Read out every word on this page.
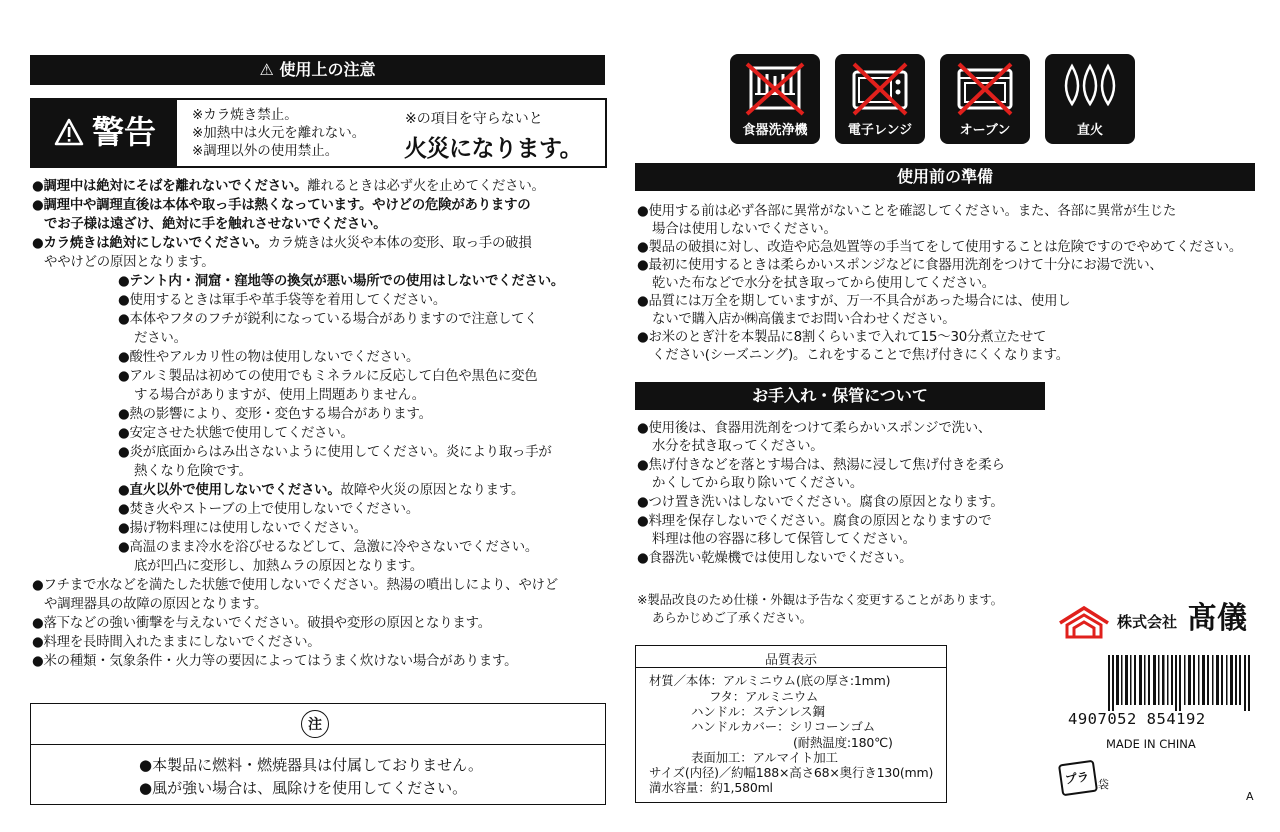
⚠ 使用上の注意
警告	※カラ焼き禁止。
※加熱中は火元を離れない。
※調理以外の使用禁止。
※の項目を守らないと
火災になります。
●調理中は絶対にそばを離れないでください。離れるときは必ず火を止めてください。
●調理中や調理直後は本体や取っ手は熱くなっています。やけどの危険がありますの
でお子様は遠ざけ、絶対に手を触れさせないでください。
●カラ焼きは絶対にしないでください。カラ焼きは火災や本体の変形、取っ手の破損
ややけどの原因となります。
●テント内・洞窟・窪地等の換気が悪い場所での使用はしないでください。
●使用するときは軍手や革手袋等を着用してください。
●本体やフタのフチが鋭利になっている場合がありますので注意してく
ださい。
●酸性やアルカリ性の物は使用しないでください。
●アルミ製品は初めての使用でもミネラルに反応して白色や黒色に変色
する場合がありますが、使用上問題ありません。
●熱の影響により、変形・変色する場合があります。
●安定させた状態で使用してください。
●炎が底面からはみ出さないように使用してください。炎により取っ手が
熱くなり危険です。
●直火以外で使用しないでください。故障や火災の原因となります。
●焚き火やストーブの上で使用しないでください。
●揚げ物料理には使用しないでください。
●高温のまま冷水を浴びせるなどして、急激に冷やさないでください。
底が凹凸に変形し、加熱ムラの原因となります。
●フチまで水などを満たした状態で使用しないでください。熱湯の噴出しにより、やけど
や調理器具の故障の原因となります。
●落下などの強い衝撃を与えないでください。破損や変形の原因となります。
●料理を長時間入れたままにしないでください。
●米の種類・気象条件・火力等の要因によってはうまく炊けない場合があります。
注
●本製品に燃料・燃焼器具は付属しておりません。
●風が強い場合は、風除けを使用してください。
食器洗浄機	電子レンジ	オーブン	直火
使用前の準備
●使用する前は必ず各部に異常がないことを確認してください。また、各部に異常が生じた
場合は使用しないでください。
●製品の破損に対し、改造や応急処置等の手当てをして使用することは危険ですのでやめてください。
●最初に使用するときは柔らかいスポンジなどに食器用洗剤をつけて十分にお湯で洗い、
乾いた布などで水分を拭き取ってから使用してください。
●品質には万全を期していますが、万一不具合があった場合には、使用し
ないで購入店か㈱高儀までお問い合わせください。
●お米のとぎ汁を本製品に8割くらいまで入れて15〜30分煮立たせて
ください(シーズニング)。これをすることで焦げ付きにくくなります。
お手入れ・保管について
●使用後は、食器用洗剤をつけて柔らかいスポンジで洗い、
水分を拭き取ってください。
●焦げ付きなどを落とす場合は、熱湯に浸して焦げ付きを柔ら
かくしてから取り除いてください。
●つけ置き洗いはしないでください。腐食の原因となります。
●料理を保存しないでください。腐食の原因となりますので
料理は他の容器に移して保管してください。
●食器洗い乾燥機では使用しないでください。
※製品改良のため仕様・外観は予告なく変更することがあります。
あらかじめご了承ください。
品質表示
材質／本体：アルミニウム(底の厚さ:1mm)
フタ：アルミニウム
ハンドル：ステンレス鋼
ハンドルカバー：シリコーンゴム
(耐熱温度:180℃)
表面加工：アルマイト加工
サイズ(内径)／約幅188×高さ68×奥行き130(mm)
満水容量：約1,580ml
株式会社 髙儀
4907052 854192
MADE IN CHINA
プラ 袋
A
